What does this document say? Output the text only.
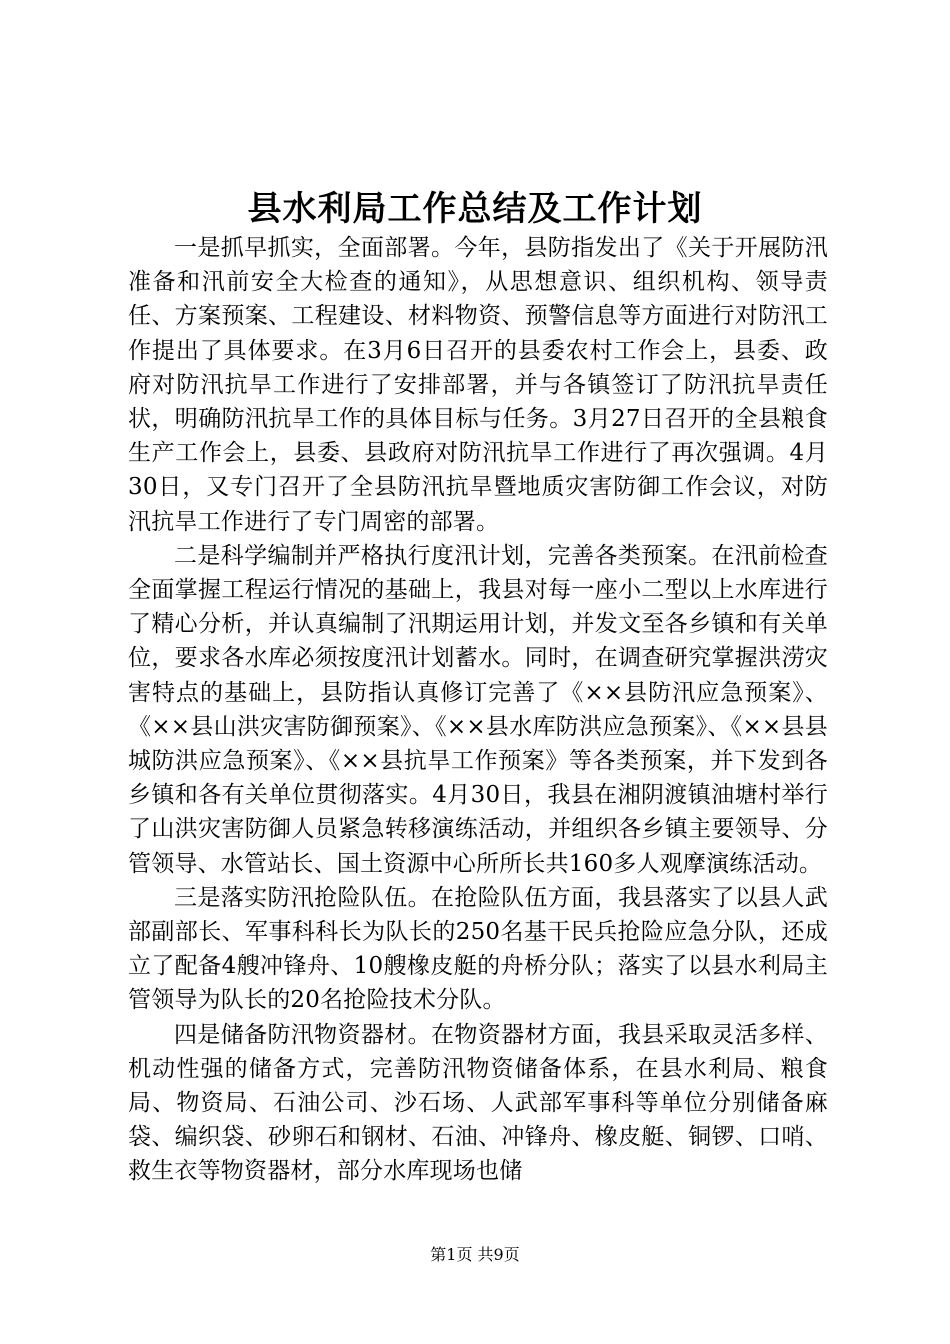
县水利局工作总结及工作计划

一是抓早抓实，全面部署。今年，县防指发出了《关于开展防汛准备和汛前安全大检查的通知》，从思想意识、组织机构、领导责任、方案预案、工程建设、材料物资、预警信息等方面进行对防汛工作提出了具体要求。在3月6日召开的县委农村工作会上，县委、政府对防汛抗旱工作进行了安排部署，并与各镇签订了防汛抗旱责任状，明确防汛抗旱工作的具体目标与任务。3月27日召开的全县粮食生产工作会上，县委、县政府对防汛抗旱工作进行了再次强调。4月30日，又专门召开了全县防汛抗旱暨地质灾害防御工作会议，对防汛抗旱工作进行了专门周密的部署。

二是科学编制并严格执行度汛计划，完善各类预案。在汛前检查全面掌握工程运行情况的基础上，我县对每一座小二型以上水库进行了精心分析，并认真编制了汛期运用计划，并发文至各乡镇和有关单位，要求各水库必须按度汛计划蓄水。同时，在调查研究掌握洪涝灾害特点的基础上，县防指认真修订完善了《××县防汛应急预案》、《××县山洪灾害防御预案》、《××县水库防洪应急预案》、《××县县城防洪应急预案》、《××县抗旱工作预案》等各类预案，并下发到各乡镇和各有关单位贯彻落实。4月30日，我县在湘阴渡镇油塘村举行了山洪灾害防御人员紧急转移演练活动，并组织各乡镇主要领导、分管领导、水管站长、国土资源中心所所长共160多人观摩演练活动。

三是落实防汛抢险队伍。在抢险队伍方面，我县落实了以县人武部副部长、军事科科长为队长的250名基干民兵抢险应急分队，还成立了配备4艘冲锋舟、10艘橡皮艇的舟桥分队；落实了以县水利局主管领导为队长的20名抢险技术分队。

四是储备防汛物资器材。在物资器材方面，我县采取灵活多样、机动性强的储备方式，完善防汛物资储备体系，在县水利局、粮食局、物资局、石油公司、沙石场、人武部军事科等单位分别储备麻袋、编织袋、砂卵石和钢材、石油、冲锋舟、橡皮艇、铜锣、口哨、救生衣等物资器材，部分水库现场也储

第1页 共9页
